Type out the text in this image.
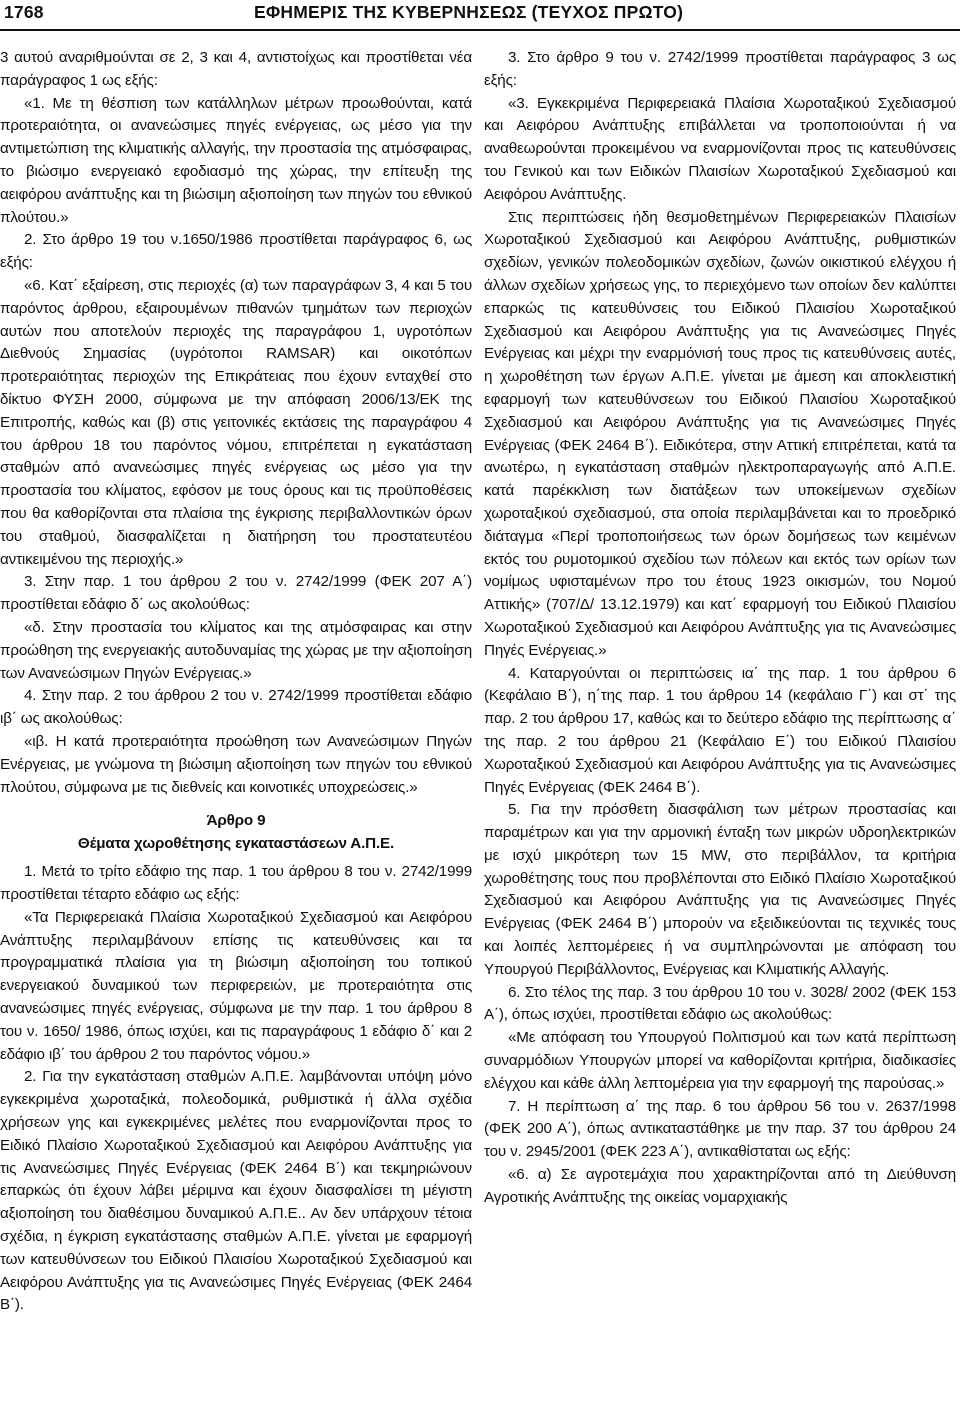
1768	ΕΦΗΜΕΡΙΣ ΤΗΣ ΚΥΒΕΡΝΗΣΕΩΣ (ΤΕΥΧΟΣ ΠΡΩΤΟ)

3 αυτού αναριθμούνται σε 2, 3 και 4, αντιστοίχως και προστίθεται νέα παράγραφος 1 ως εξής:

«1. Με τη θέσπιση των κατάλληλων μέτρων προωθούνται, κατά προτεραιότητα, οι ανανεώσιμες πηγές ενέργειας, ως μέσο για την αντιμετώπιση της κλιματικής αλλαγής, την προστασία της ατμόσφαιρας, το βιώσιμο ενεργειακό εφοδιασμό της χώρας, την επίτευξη της αειφόρου ανάπτυξης και τη βιώσιμη αξιοποίηση των πηγών του εθνικού πλούτου.»

2. Στο άρθρο 19 του ν.1650/1986 προστίθεται παράγραφος 6, ως εξής:

«6. Κατ΄ εξαίρεση, στις περιοχές (α) των παραγράφων 3, 4 και 5 του παρόντος άρθρου, εξαιρουμένων πιθανών τμημάτων των περιοχών αυτών που αποτελούν περιοχές της παραγράφου 1, υγροτόπων Διεθνούς Σημασίας (υγρότοποι RAMSAR) και οικοτόπων προτεραιότητας περιοχών της Επικράτειας που έχουν ενταχθεί στο δίκτυο ΦΥΣΗ 2000, σύμφωνα με την απόφαση 2006/13/ΕΚ της Επιτροπής, καθώς και (β) στις γειτονικές εκτάσεις της παραγράφου 4 του άρθρου 18 του παρόντος νόμου, επιτρέπεται η εγκατάσταση σταθμών από ανανεώσιμες πηγές ενέργειας ως μέσο για την προστασία του κλίματος, εφόσον με τους όρους και τις προϋποθέσεις που θα καθορίζονται στα πλαίσια της έγκρισης περιβαλλοντικών όρων του σταθμού, διασφαλίζεται η διατήρηση του προστατευτέου αντικειμένου της περιοχής.»

3. Στην παρ. 1 του άρθρου 2 του ν. 2742/1999 (ΦΕΚ 207 Α΄) προστίθεται εδάφιο δ΄ ως ακολούθως:

«δ. Στην προστασία του κλίματος και της ατμόσφαιρας και στην προώθηση της ενεργειακής αυτοδυναμίας της χώρας με την αξιοποίηση των Ανανεώσιμων Πηγών Ενέργειας.»

4. Στην παρ. 2 του άρθρου 2 του ν. 2742/1999 προστίθεται εδάφιο ιβ΄ ως ακολούθως:

«ιβ. Η κατά προτεραιότητα προώθηση των Ανανεώσιμων Πηγών Ενέργειας, με γνώμονα τη βιώσιμη αξιοποίηση των πηγών του εθνικού πλούτου, σύμφωνα με τις διεθνείς και κοινοτικές υποχρεώσεις.»

Άρθρο 9
Θέματα χωροθέτησης εγκαταστάσεων Α.Π.Ε.

1. Μετά το τρίτο εδάφιο της παρ. 1 του άρθρου 8 του ν. 2742/1999 προστίθεται τέταρτο εδάφιο ως εξής:

«Τα Περιφερειακά Πλαίσια Χωροταξικού Σχεδιασμού και Αειφόρου Ανάπτυξης περιλαμβάνουν επίσης τις κατευθύνσεις και τα προγραμματικά πλαίσια για τη βιώσιμη αξιοποίηση του τοπικού ενεργειακού δυναμικού των περιφερειών, με προτεραιότητα στις ανανεώσιμες πηγές ενέργειας, σύμφωνα με την παρ. 1 του άρθρου 8 του ν. 1650/ 1986, όπως ισχύει, και τις παραγράφους 1 εδάφιο δ΄ και 2 εδάφιο ιβ΄ του άρθρου 2 του παρόντος νόμου.»

2. Για την εγκατάσταση σταθμών Α.Π.Ε. λαμβάνονται υπόψη μόνο εγκεκριμένα χωροταξικά, πολεοδομικά, ρυθμιστικά ή άλλα σχέδια χρήσεων γης και εγκεκριμένες μελέτες που εναρμονίζονται προς το Ειδικό Πλαίσιο Χωροταξικού Σχεδιασμού και Αειφόρου Ανάπτυξης για τις Ανανεώσιμες Πηγές Ενέργειας (ΦΕΚ 2464 Β΄) και τεκμηριώνουν επαρκώς ότι έχουν λάβει μέριμνα και έχουν διασφαλίσει τη μέγιστη αξιοποίηση του διαθέσιμου δυναμικού Α.Π.Ε.. Αν δεν υπάρχουν τέτοια σχέδια, η έγκριση εγκατάστασης σταθμών Α.Π.Ε. γίνεται με εφαρμογή των κατευθύνσεων του Ειδικού Πλαισίου Χωροταξικού Σχεδιασμού και Αειφόρου Ανάπτυξης για τις Ανανεώσιμες Πηγές Ενέργειας (ΦΕΚ 2464 Β΄).

3. Στο άρθρο 9 του ν. 2742/1999 προστίθεται παράγραφος 3 ως εξής:

«3. Εγκεκριμένα Περιφερειακά Πλαίσια Χωροταξικού Σχεδιασμού και Αειφόρου Ανάπτυξης επιβάλλεται να τροποποιούνται ή να αναθεωρούνται προκειμένου να εναρμονίζονται προς τις κατευθύνσεις του Γενικού και των Ειδικών Πλαισίων Χωροταξικού Σχεδιασμού και Αειφόρου Ανάπτυξης.

Στις περιπτώσεις ήδη θεσμοθετημένων Περιφερειακών Πλαισίων Χωροταξικού Σχεδιασμού και Αειφόρου Ανάπτυξης, ρυθμιστικών σχεδίων, γενικών πολεοδομικών σχεδίων, ζωνών οικιστικού ελέγχου ή άλλων σχεδίων χρήσεως γης, το περιεχόμενο των οποίων δεν καλύπτει επαρκώς τις κατευθύνσεις του Ειδικού Πλαισίου Χωροταξικού Σχεδιασμού και Αειφόρου Ανάπτυξης για τις Ανανεώσιμες Πηγές Ενέργειας και μέχρι την εναρμόνισή τους προς τις κατευθύνσεις αυτές, η χωροθέτηση των έργων Α.Π.Ε. γίνεται με άμεση και αποκλειστική εφαρμογή των κατευθύνσεων του Ειδικού Πλαισίου Χωροταξικού Σχεδιασμού και Αειφόρου Ανάπτυξης για τις Ανανεώσιμες Πηγές Ενέργειας (ΦΕΚ 2464 Β΄). Ειδικότερα, στην Αττική επιτρέπεται, κατά τα ανωτέρω, η εγκατάσταση σταθμών ηλεκτροπαραγωγής από Α.Π.Ε. κατά παρέκκλιση των διατάξεων των υποκείμενων σχεδίων χωροταξικού σχεδιασμού, στα οποία περιλαμβάνεται και το προεδρικό διάταγμα «Περί τροποποιήσεως των όρων δομήσεως των κειμένων εκτός του ρυμοτομικού σχεδίου των πόλεων και εκτός των ορίων των νομίμως υφισταμένων προ του έτους 1923 οικισμών, του Νομού Αττικής» (707/Δ/ 13.12.1979) και κατ΄ εφαρμογή του Ειδικού Πλαισίου Χωροταξικού Σχεδιασμού και Αειφόρου Ανάπτυξης για τις Ανανεώσιμες Πηγές Ενέργειας.»

4. Καταργούνται οι περιπτώσεις ια΄ της παρ. 1 του άρθρου 6 (Κεφάλαιο Β΄), η΄της παρ. 1 του άρθρου 14 (κεφάλαιο Γ΄) και στ΄ της παρ. 2 του άρθρου 17, καθώς και το δεύτερο εδάφιο της περίπτωσης α΄ της παρ. 2 του άρθρου 21 (Κεφάλαιο Ε΄) του Ειδικού Πλαισίου Χωροταξικού Σχεδιασμού και Αειφόρου Ανάπτυξης για τις Ανανεώσιμες Πηγές Ενέργειας (ΦΕΚ 2464 Β΄).

5. Για την πρόσθετη διασφάλιση των μέτρων προστασίας και παραμέτρων και για την αρμονική ένταξη των μικρών υδροηλεκτρικών με ισχύ μικρότερη των 15 MW, στο περιβάλλον, τα κριτήρια χωροθέτησης τους που προβλέπονται στο Ειδικό Πλαίσιο Χωροταξικού Σχεδιασμού και Αειφόρου Ανάπτυξης για τις Ανανεώσιμες Πηγές Ενέργειας (ΦΕΚ 2464 Β΄) μπορούν να εξειδικεύονται τις τεχνικές τους και λοιπές λεπτομέρειες ή να συμπληρώνονται με απόφαση του Υπουργού Περιβάλλοντος, Ενέργειας και Κλιματικής Αλλαγής.

6. Στο τέλος της παρ. 3 του άρθρου 10 του ν. 3028/ 2002 (ΦΕΚ 153 Α΄), όπως ισχύει, προστίθεται εδάφιο ως ακολούθως:

«Με απόφαση του Υπουργού Πολιτισμού και των κατά περίπτωση συναρμόδιων Υπουργών μπορεί να καθορίζονται κριτήρια, διαδικασίες ελέγχου και κάθε άλλη λεπτομέρεια για την εφαρμογή της παρούσας.»

7. Η περίπτωση α΄ της παρ. 6 του άρθρου 56 του ν. 2637/1998 (ΦΕΚ 200 Α΄), όπως αντικαταστάθηκε με την παρ. 37 του άρθρου 24 του ν. 2945/2001 (ΦΕΚ 223 Α΄), αντικαθίσταται ως εξής:

«6. α) Σε αγροτεμάχια που χαρακτηρίζονται από τη Διεύθυνση Αγροτικής Ανάπτυξης της οικείας νομαρχιακής
